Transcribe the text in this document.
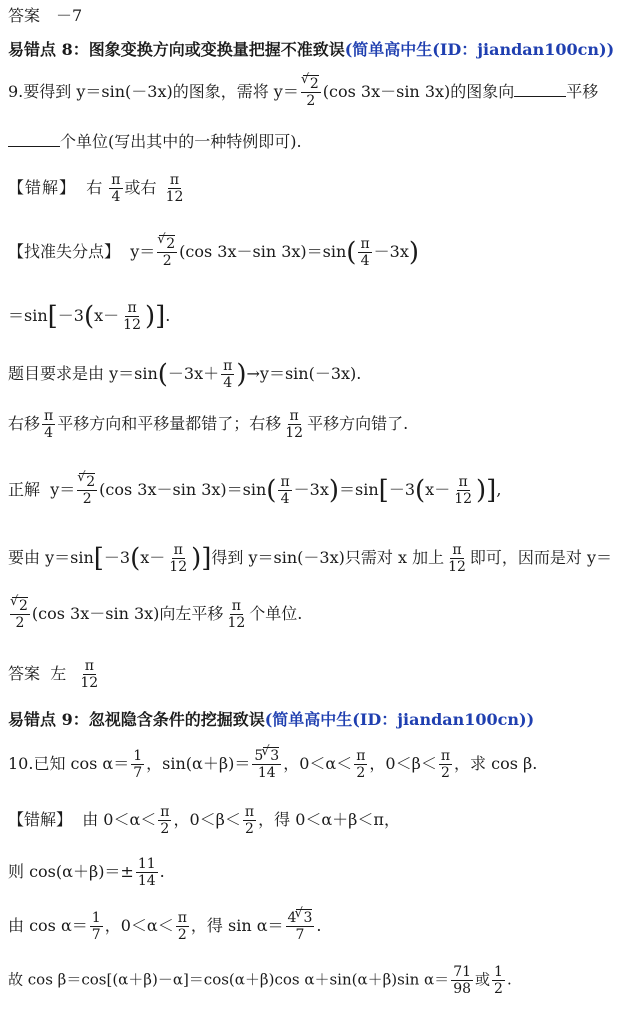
答案　－7
易错点 8：图象变换方向或变换量把握不准致误(简单高中生(ID：jiandan100cn))
9.要得到 y＝sin(－3x)的图象，需将 y＝ √ $\frac{2}{2} (\cos$ 3x－sin 3x)的图象向	平移
个单位(写出其中的一种特例即可).
【错解】 右 $\frac{\pi}{4}$ 或右 $\frac{\pi}{12}$
【找准失分点】 y＝ √ $\frac{2}{2} (\cos$ 3x－sin $3x)=\sin( \frac{\pi}{4} -3x)$
$=\sin[-3(x- \frac{\pi}{12}$ )].
题目要求是由 $y=\sin(-3x+ \frac{\pi}{4} )\to y=\sin(-3x)$.
右移 $\frac{\pi}{4}$ 平移方向和平移量都错了；右移 $\frac{\pi}{12}$ 平移方向错了.
正解 y＝ √ $\frac{2}{2} (\cos$ 3x－sin $3x)=\sin( \frac{\pi}{4} -3x)=\sin[-3(x- \frac{\pi}{12}$ )],
要由 $y=\sin[-3(x- \frac{\pi}{12}$ )]得到 y＝sin(－3x)只需对 x 加上 $\frac{\pi}{12}$ 即可，因而是对 y＝
√ $\frac{2}{2} (\cos$ 3x－sin 3x)向左平移 $\frac{\pi}{12}$ 个单位.
答案 左 $\frac{\pi}{12}$
易错点 9：忽视隐含条件的挖掘致误(简单高中生(ID：jiandan100cn))
10.已知 $\cos \alpha= \frac{1}{7}$ ，$\sin(\alpha+\beta)= \frac{5 √ 3}{14}$ ，$0<\alpha< \frac{\pi}{2}$ ，$0<\beta< \frac{\pi}{2}$ ，求 cos β.
【错解】 由 $0<\alpha< \frac{\pi}{2}$ ，$0<\beta< \frac{\pi}{2}$ ，得 0＜α＋β＜π，
则 $\cos(\alpha+\beta)=\pm \frac{11}{14}$ .
由 $\cos \alpha= \frac{1}{7}$ ，$0<\alpha< \frac{\pi}{2}$ ，得 $\sin \alpha= \frac{4 √ 3}{7}$ .
故 cos β＝cos[(α＋β)－α]＝cos(α＋β)cos α＋sin(α＋β)sin $\alpha= \frac{71}{98}$ 或 $\frac{1}{2}$ .
